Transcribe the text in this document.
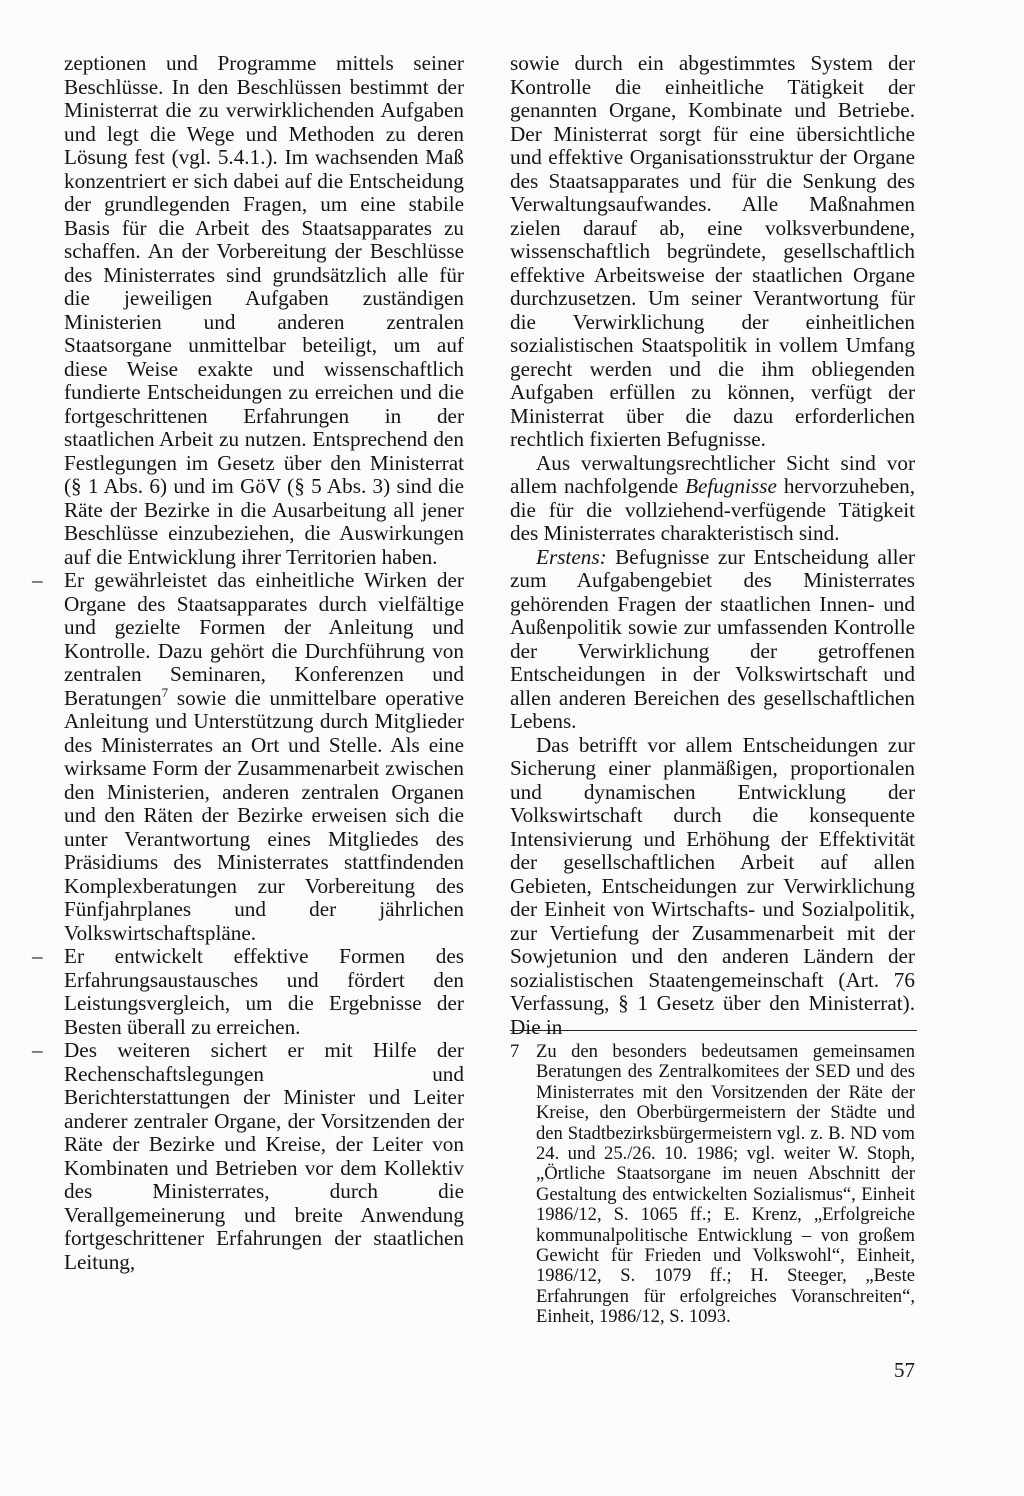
zeptionen und Programme mittels seiner Beschlüsse. In den Beschlüssen bestimmt der Ministerrat die zu verwirklichenden Aufgaben und legt die Wege und Methoden zu deren Lösung fest (vgl. 5.4.1.). Im wachsenden Maß konzentriert er sich dabei auf die Entscheidung der grundlegenden Fragen, um eine stabile Basis für die Arbeit des Staatsapparates zu schaffen. An der Vorbereitung der Beschlüsse des Ministerrates sind grundsätzlich alle für die jeweiligen Aufgaben zuständigen Ministerien und anderen zentralen Staatsorgane unmittelbar beteiligt, um auf diese Weise exakte und wissenschaftlich fundierte Entscheidungen zu erreichen und die fortgeschrittenen Erfahrungen in der staatlichen Arbeit zu nutzen. Entsprechend den Festlegungen im Gesetz über den Ministerrat (§ 1 Abs. 6) und im GöV (§ 5 Abs. 3) sind die Räte der Bezirke in die Ausarbeitung all jener Beschlüsse einzubeziehen, die Auswirkungen auf die Entwicklung ihrer Territorien haben.

– Er gewährleistet das einheitliche Wirken der Organe des Staatsapparates durch vielfältige und gezielte Formen der Anleitung und Kontrolle. Dazu gehört die Durchführung von zentralen Seminaren, Konferenzen und Beratungen$^7$ sowie die unmittelbare operative Anleitung und Unterstützung durch Mitglieder des Ministerrates an Ort und Stelle. Als eine wirksame Form der Zusammenarbeit zwischen den Ministerien, anderen zentralen Organen und den Räten der Bezirke erweisen sich die unter Verantwortung eines Mitgliedes des Präsidiums des Ministerrates stattfindenden Komplexberatungen zur Vorbereitung des Fünfjahrplanes und der jährlichen Volkswirtschaftspläne.
– Er entwickelt effektive Formen des Erfahrungsaustausches und fördert den Leistungsvergleich, um die Ergebnisse der Besten überall zu erreichen.
– Des weiteren sichert er mit Hilfe der Rechenschaftslegungen und Berichterstattungen der Minister und Leiter anderer zentraler Organe, der Vorsitzenden der Räte der Bezirke und Kreise, der Leiter von Kombinaten und Betrieben vor dem Kollektiv des Ministerrates, durch die Verallgemeinerung und breite Anwendung fortgeschrittener Erfahrungen der staatlichen Leitung,

sowie durch ein abgestimmtes System der Kontrolle die einheitliche Tätigkeit der genannten Organe, Kombinate und Betriebe. Der Ministerrat sorgt für eine übersichtliche und effektive Organisationsstruktur der Organe des Staatsapparates und für die Senkung des Verwaltungsaufwandes. Alle Maßnahmen zielen darauf ab, eine volksverbundene, wissenschaftlich begründete, gesellschaftlich effektive Arbeitsweise der staatlichen Organe durchzusetzen. Um seiner Verantwortung für die Verwirklichung der einheitlichen sozialistischen Staatspolitik in vollem Umfang gerecht werden und die ihm obliegenden Aufgaben erfüllen zu können, verfügt der Ministerrat über die dazu erforderlichen rechtlich fixierten Befugnisse.

Aus verwaltungsrechtlicher Sicht sind vor allem nachfolgende Befugnisse hervorzuheben, die für die vollziehend-verfügende Tätigkeit des Ministerrates charakteristisch sind.

Erstens: Befugnisse zur Entscheidung aller zum Aufgabengebiet des Ministerrates gehörenden Fragen der staatlichen Innen- und Außenpolitik sowie zur umfassenden Kontrolle der Verwirklichung der getroffenen Entscheidungen in der Volkswirtschaft und allen anderen Bereichen des gesellschaftlichen Lebens.

Das betrifft vor allem Entscheidungen zur Sicherung einer planmäßigen, proportionalen und dynamischen Entwicklung der Volkswirtschaft durch die konsequente Intensivierung und Erhöhung der Effektivität der gesellschaftlichen Arbeit auf allen Gebieten, Entscheidungen zur Verwirklichung der Einheit von Wirtschafts- und Sozialpolitik, zur Vertiefung der Zusammenarbeit mit der Sowjetunion und den anderen Ländern der sozialistischen Staatengemeinschaft (Art. 76 Verfassung, § 1 Gesetz über den Ministerrat). Die in

7 Zu den besonders bedeutsamen gemeinsamen Beratungen des Zentralkomitees der SED und des Ministerrates mit den Vorsitzenden der Räte der Kreise, den Oberbürgermeistern der Städte und den Stadtbezirksbürgermeistern vgl. z. B. ND vom 24. und 25./26. 10. 1986; vgl. weiter W. Stoph, „Örtliche Staatsorgane im neuen Abschnitt der Gestaltung des entwickelten Sozialismus“, Einheit 1986/12, S. 1065 ff.; E. Krenz, „Erfolgreiche kommunalpolitische Entwicklung – von großem Gewicht für Frieden und Volkswohl“, Einheit, 1986/12, S. 1079 ff.; H. Steeger, „Beste Erfahrungen für erfolgreiches Voranschreiten“, Einheit, 1986/12, S. 1093.
57
